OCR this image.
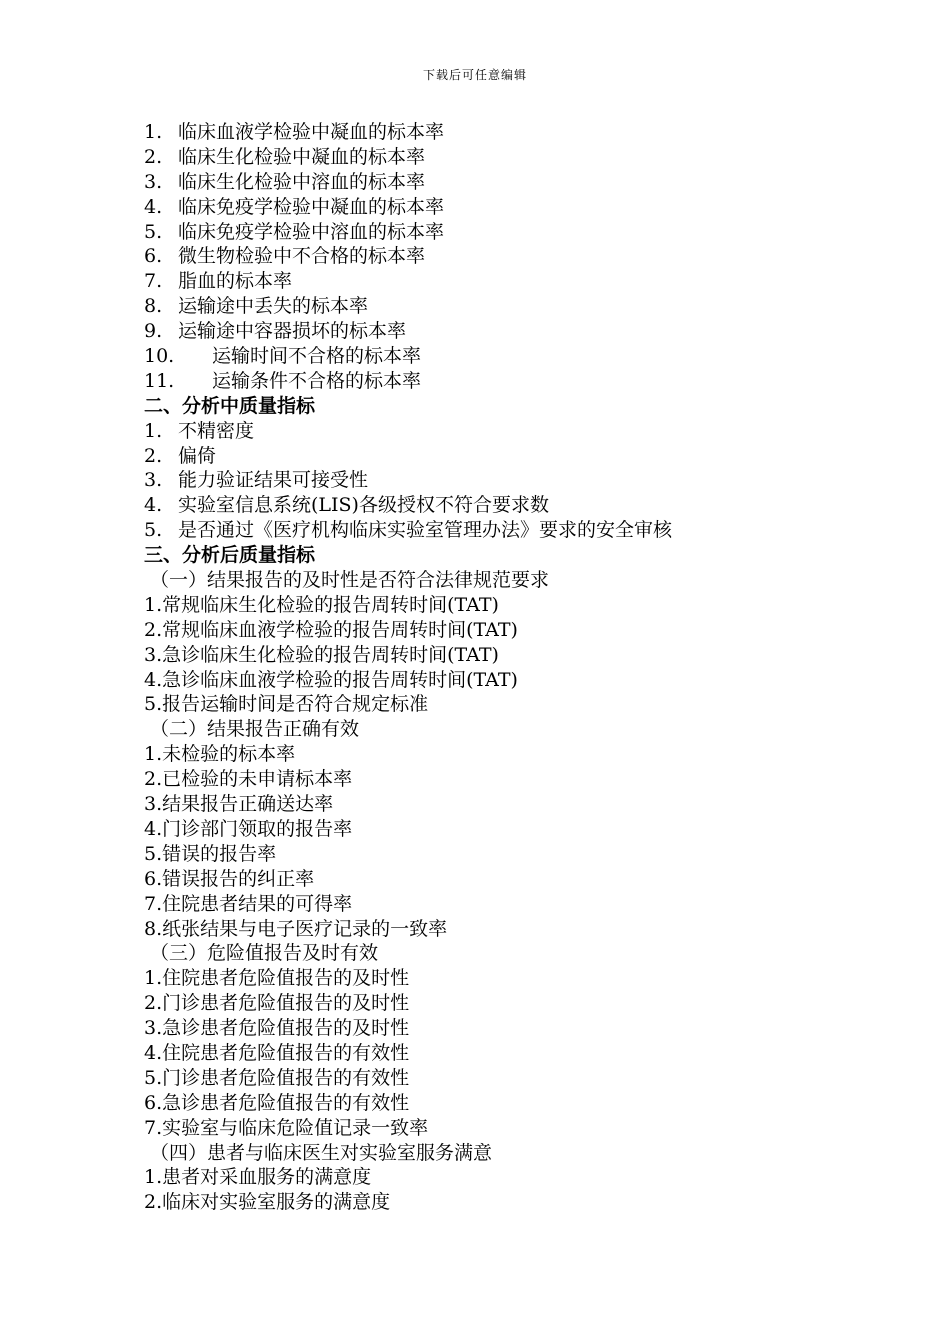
下载后可任意编辑
1. 临床血液学检验中凝血的标本率
2. 临床生化检验中凝血的标本率
3. 临床生化检验中溶血的标本率
4. 临床免疫学检验中凝血的标本率
5. 临床免疫学检验中溶血的标本率
6. 微生物检验中不合格的标本率
7. 脂血的标本率
8. 运输途中丢失的标本率
9. 运输途中容器损坏的标本率
10. 运输时间不合格的标本率
11. 运输条件不合格的标本率
二、分析中质量指标
1. 不精密度
2. 偏倚
3. 能力验证结果可接受性
4. 实验室信息系统(LIS)各级授权不符合要求数
5. 是否通过《医疗机构临床实验室管理办法》要求的安全审核
三、分析后质量指标
（一）结果报告的及时性是否符合法律规范要求
1.常规临床生化检验的报告周转时间(TAT)
2.常规临床血液学检验的报告周转时间(TAT)
3.急诊临床生化检验的报告周转时间(TAT)
4.急诊临床血液学检验的报告周转时间(TAT)
5.报告运输时间是否符合规定标准
（二）结果报告正确有效
1.未检验的标本率
2.已检验的未申请标本率
3.结果报告正确送达率
4.门诊部门领取的报告率
5.错误的报告率
6.错误报告的纠正率
7.住院患者结果的可得率
8.纸张结果与电子医疗记录的一致率
（三）危险值报告及时有效
1.住院患者危险值报告的及时性
2.门诊患者危险值报告的及时性
3.急诊患者危险值报告的及时性
4.住院患者危险值报告的有效性
5.门诊患者危险值报告的有效性
6.急诊患者危险值报告的有效性
7.实验室与临床危险值记录一致率
（四）患者与临床医生对实验室服务满意
1.患者对采血服务的满意度
2.临床对实验室服务的满意度
